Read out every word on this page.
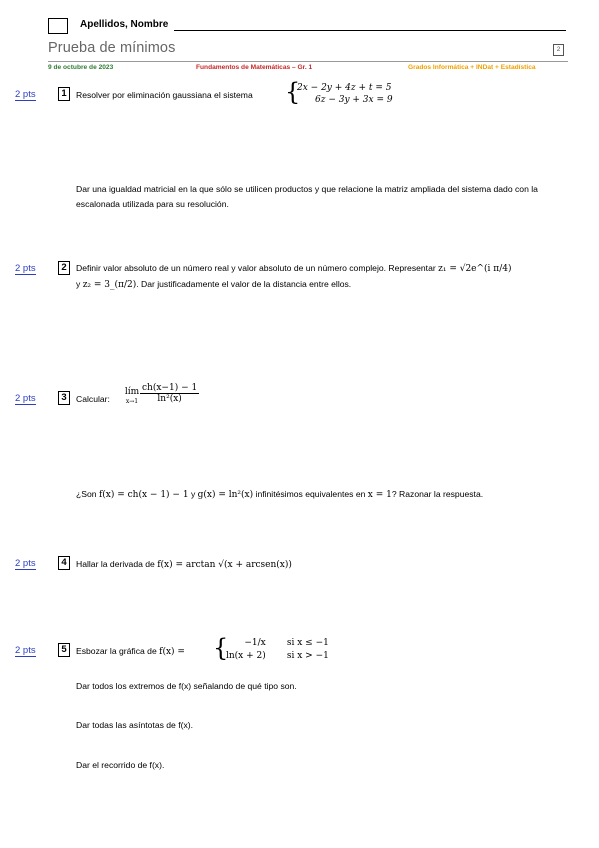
Apellidos, Nombre
Prueba de mínimos	2
9 de octubre de 2023	Fundamentos de Matemáticas – Gr. 1	Grados Informática + INDat + Estadística
2 pts	1	Resolver por eliminación gaussiana el sistema {
2x − 2y + 4z + t = 5
6z − 3y + 3x = 9
Dar una igualdad matricial en la que sólo se utilicen productos y que relacione la matriz ampliada del sistema dado con la escalonada utilizada para su resolución.
2 pts	2	Definir valor absoluto de un número real y valor absoluto de un número complejo. Representar z₁ = √2e^(i π/4)
y z₂ = 3_(π/2). Dar justificadamente el valor de la distancia entre ellos.
2 pts	3	Calcular:
lím
$x\to 1 \frac{ch(x-1) - 1}{\text{ln²(x)}}$
¿Son f(x) = ch(x − 1) − 1 y g(x) = ln²(x) infinitésimos equivalentes en x = 1? Razonar la respuesta.
2 pts	4	Hallar la derivada de f(x) = arctan √(x + arcsen(x))
2 pts	5	Esbozar la gráfica de f(x) = {	−1/x si x ≤ −1
ln(x + 2) si x > −1
Dar todos los extremos de f(x) señalando de qué tipo son.
Dar todas las asíntotas de f(x).
Dar el recorrido de f(x).
